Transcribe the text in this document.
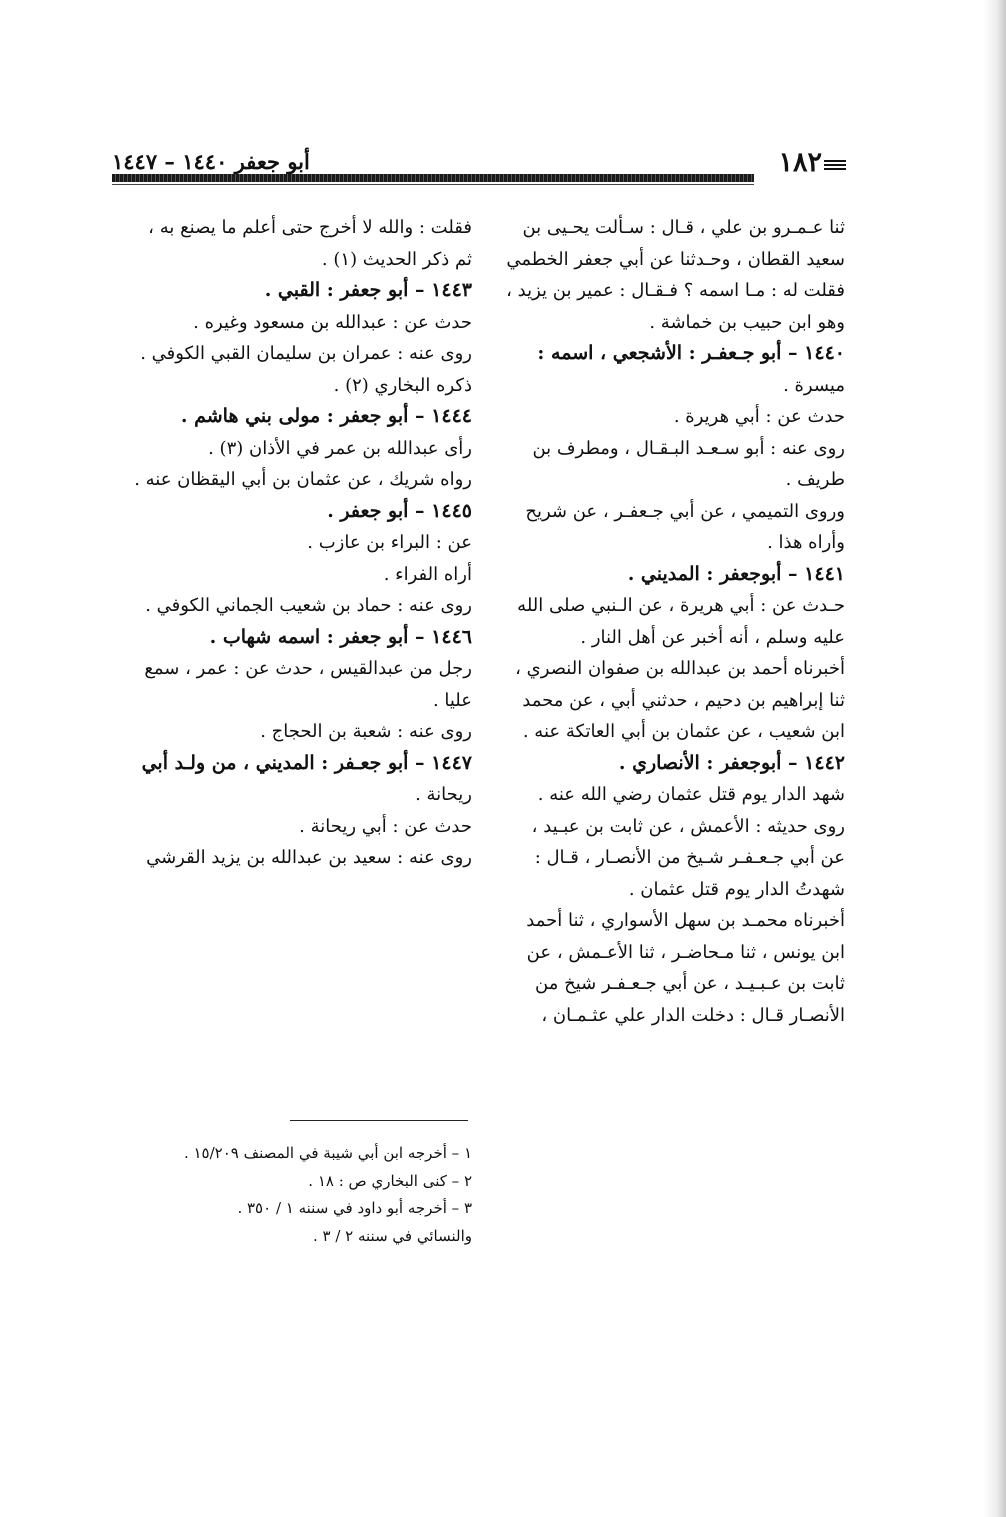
١٨٢
أبو جعفر ١٤٤٠ – ١٤٤٧
ثنا عـمـرو بن علي ، قـال : سـألت يحـيى بن
سعيد القطان ، وحـدثنا عن أبي جعفر الخطمي
فقلت له : مـا اسمه ؟ فـقـال : عمير بن يزيد ،
وهو ابن حبيب بن خماشة .
١٤٤٠ – أبو جـعفـر : الأشجعي ، اسمه :
ميسرة .
حدث عن : أبي هريرة .
روى عنه : أبو سـعـد البـقـال ، ومطرف بن
طريف .
وروى التميمي ، عن أبي جـعفـر ، عن شريح
وأراه هذا .
١٤٤١ – أبوجعفر : المديني .
حـدث عن : أبي هريرة ، عن الـنبي صلى الله
عليه وسلم ، أنه أخبر عن أهل النار .
أخبرناه أحمد بن عبدالله بن صفوان النصري ،
ثنا إبراهيم بن دحيم ، حدثني أبي ، عن محمد
ابن شعيب ، عن عثمان بن أبي العاتكة عنه .
١٤٤٢ – أبوجعفر : الأنصاري .
شهد الدار يوم قتل عثمان رضي الله عنه .
روى حديثه : الأعمش ، عن ثابت بن عبـيد ،
عن أبي جـعـفـر شـيخ من الأنصـار ، قـال :
شهدتُ الدار يوم قتل عثمان .
أخبرناه محمـد بن سهل الأسواري ، ثنا أحمد
ابن يونس ، ثنا مـحاضـر ، ثنا الأعـمش ، عن
ثابت بن عـبـيـد ، عن أبي جـعـفـر شيخ من
الأنصـار قـال : دخلت الدار علي عثـمـان ،
فقلت : والله لا أخرج حتى أعلم ما يصنع به ،
ثم ذكر الحديث (١) .
١٤٤٣ – أبو جعفر : القبي .
حدث عن : عبدالله بن مسعود وغيره .
روى عنه : عمران بن سليمان القبي الكوفي .
ذكره البخاري (٢) .
١٤٤٤ – أبو جعفر : مولى بني هاشم .
رأى عبدالله بن عمر في الأذان (٣) .
رواه شريك ، عن عثمان بن أبي اليقظان عنه .
١٤٤٥ – أبو جعفر .
عن : البراء بن عازب .
أراه الفراء .
روى عنه : حماد بن شعيب الجماني الكوفي .
١٤٤٦ – أبو جعفر : اسمه شهاب .
رجل من عبدالقيس ، حدث عن : عمر ، سمع
عليا .
روى عنه : شعبة بن الحجاج .
١٤٤٧ – أبو جعـفر : المديني ، من ولـد أبي
ريحانة .
حدث عن : أبي ريحانة .
روى عنه : سعيد بن عبدالله بن يزيد القرشي
١ – أخرجه ابن أبي شيبة في المصنف ١٥/٢٠٩ .
٢ – كنى البخاري ص : ١٨ .
٣ – أخرجه أبو داود في سننه ١ / ٣٥٠ .
والنسائي في سننه ٢ / ٣ .
